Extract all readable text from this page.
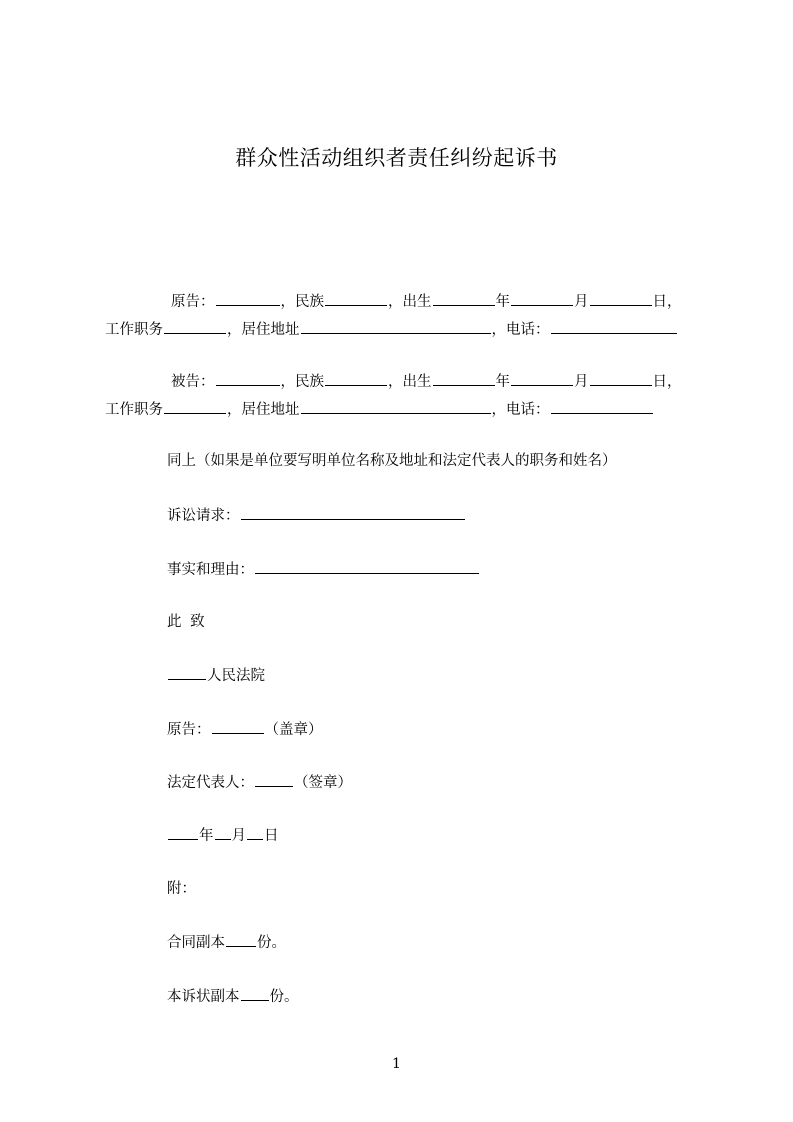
群众性活动组织者责任纠纷起诉书
原告：	，民族	，出生	年	月	日，
工作职务	，居住地址	，电话：
被告：	，民族	，出生	年	月	日，
工作职务	，居住地址	，电话：
同上（如果是单位要写明单位名称及地址和法定代表人的职务和姓名）
诉讼请求：
事实和理由：
此 致
人民法院
原告：	（盖章）
法定代表人：	（签章）
年 月 日
附：
合同副本 份。
本诉状副本 份。
1
